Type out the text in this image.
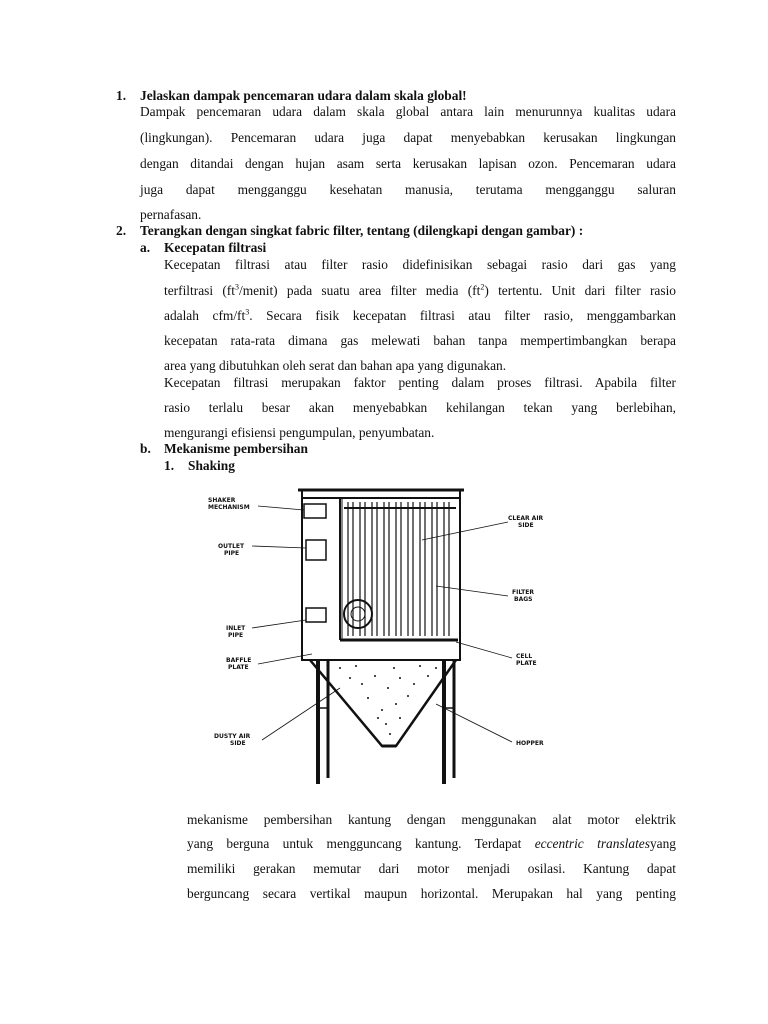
1. Jelaskan dampak pencemaran udara dalam skala global!
Dampak pencemaran udara dalam skala global antara lain menurunnya kualitas udara
(lingkungan). Pencemaran udara juga dapat menyebabkan kerusakan lingkungan
dengan ditandai dengan hujan asam serta kerusakan lapisan ozon. Pencemaran udara
juga dapat mengganggu kesehatan manusia, terutama mengganggu saluran
pernafasan.
2. Terangkan dengan singkat fabric filter, tentang (dilengkapi dengan gambar) :
a. Kecepatan filtrasi
Kecepatan filtrasi atau filter rasio didefinisikan sebagai rasio dari gas yang
terfiltrasi $(ft^3/menit)$ pada suatu area filter media $(ft^2)$ tertentu. Unit dari filter rasio
adalah cfm/$ft^3$. Secara fisik kecepatan filtrasi atau filter rasio, menggambarkan
kecepatan rata-rata dimana gas melewati bahan tanpa mempertimbangkan berapa
area yang dibutuhkan oleh serat dan bahan apa yang digunakan.
Kecepatan filtrasi merupakan faktor penting dalam proses filtrasi. Apabila filter
rasio terlalu besar akan menyebabkan kehilangan tekan yang berlebihan,
mengurangi efisiensi pengumpulan, penyumbatan.
b. Mekanisme pembersihan
1. Shaking
SHAKER
MECHANISM
OUTLET
PIPE
INLET
PIPE
BAFFLE
PLATE
DUSTY AIR
SIDE
CLEAR AIR
SIDE
FILTER
BAGS
CELL
PLATE
HOPPER
mekanisme pembersihan kantung dengan menggunakan alat motor elektrik
yang berguna untuk mengguncang kantung. Terdapat eccentric translatesyang
memiliki gerakan memutar dari motor menjadi osilasi. Kantung dapat
berguncang secara vertikal maupun horizontal. Merupakan hal yang penting
